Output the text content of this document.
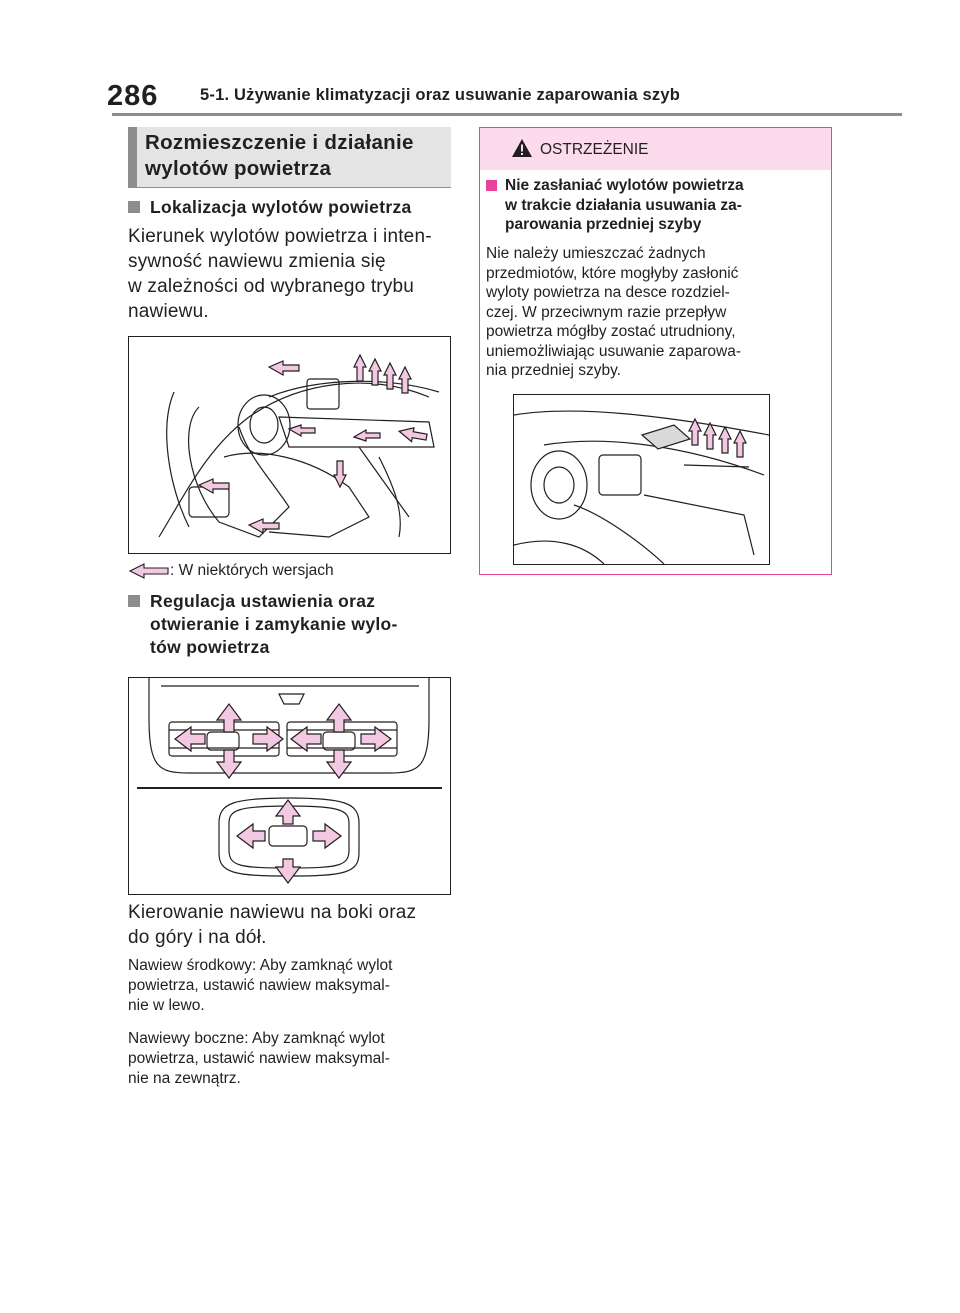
286	5-1. Używanie klimatyzacji oraz usuwanie zaparowania szyb
Rozmieszczenie i działanie
wylotów powietrza
Lokalizacja wylotów powietrza
Kierunek wylotów powietrza i inten-
sywność nawiewu zmienia się
w zależności od wybranego trybu
nawiewu.
: W niektórych wersjach
Regulacja ustawienia oraz
otwieranie i zamykanie wylo-
tów powietrza
Kierowanie nawiewu na boki oraz
do góry i na dół.
Nawiew środkowy: Aby zamknąć wylot
powietrza, ustawić nawiew maksymal-
nie w lewo.
Nawiewy boczne: Aby zamknąć wylot
powietrza, ustawić nawiew maksymal-
nie na zewnątrz.
OSTRZEŻENIE
Nie zasłaniać wylotów powietrza
w trakcie działania usuwania za-
parowania przedniej szyby
Nie należy umieszczać żadnych
przedmiotów, które mogłyby zasłonić
wyloty powietrza na desce rozdziel-
czej. W przeciwnym razie przepływ
powietrza mógłby zostać utrudniony,
uniemożliwiając usuwanie zaparowa-
nia przedniej szyby.
